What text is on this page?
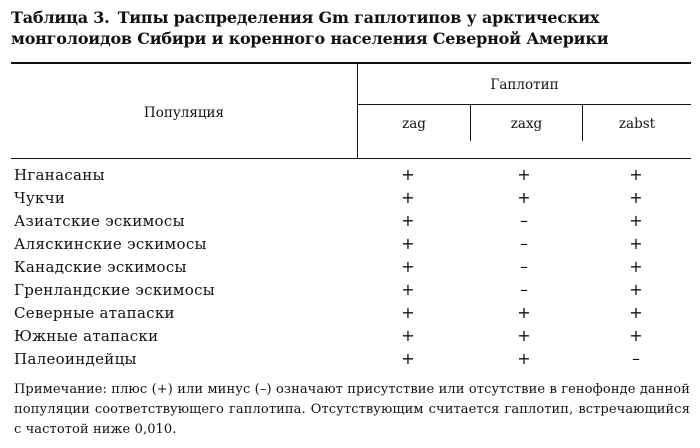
Таблица 3. Типы распределения Gm гаплотипов у арктических монголоидов Сибири и коренного населения Северной Америки
Популяция
Гаплотип
zag	zaxg	zabst
Нганасаны	+	+	+
Чукчи	+	+	+
Азиатские эскимосы	+	–	+
Аляскинские эскимосы	+	–	+
Канадские эскимосы	+	–	+
Гренландские эскимосы	+	–	+
Северные атапаски	+	+	+
Южные атапаски	+	+	+
Палеоиндейцы	+	+	–
Примечание: плюс (+) или минус (–) означают присутствие или отсутствие в генофонде данной популяции соответствующего гаплотипа. Отсутствующим считается гаплотип, встречающийся с частотой ниже 0,010.
